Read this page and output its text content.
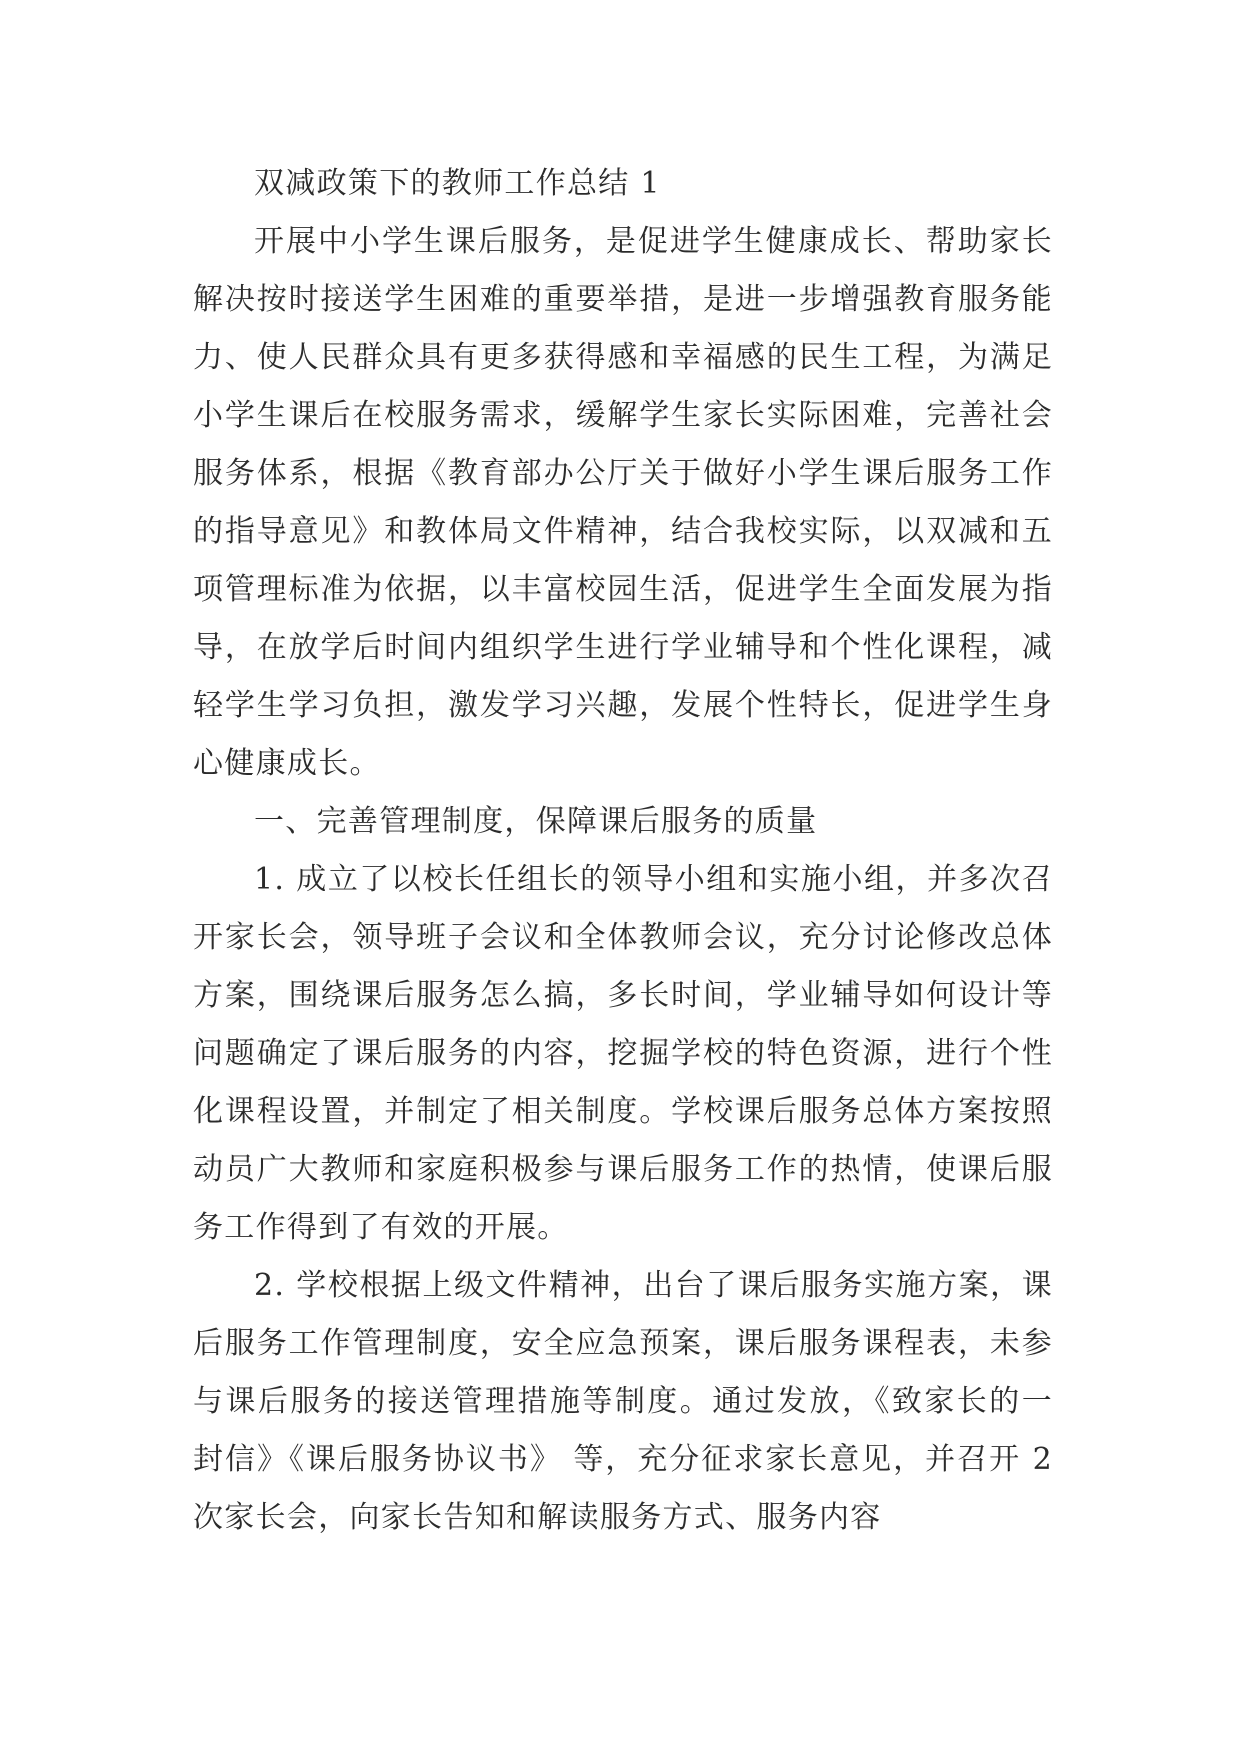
双减政策下的教师工作总结 1

开展中小学生课后服务，是促进学生健康成长、帮助家长解决按时接送学生困难的重要举措，是进一步增强教育服务能力、使人民群众具有更多获得感和幸福感的民生工程，为满足小学生课后在校服务需求，缓解学生家长实际困难，完善社会服务体系，根据《教育部办公厅关于做好小学生课后服务工作的指导意见》和教体局文件精神，结合我校实际，以双减和五项管理标准为依据，以丰富校园生活，促进学生全面发展为指导，在放学后时间内组织学生进行学业辅导和个性化课程，减轻学生学习负担，激发学习兴趣，发展个性特长，促进学生身心健康成长。

一、完善管理制度，保障课后服务的质量

1. 成立了以校长任组长的领导小组和实施小组，并多次召开家长会，领导班子会议和全体教师会议，充分讨论修改总体方案，围绕课后服务怎么搞，多长时间，学业辅导如何设计等问题确定了课后服务的内容，挖掘学校的特色资源，进行个性化课程设置，并制定了相关制度。学校课后服务总体方案按照动员广大教师和家庭积极参与课后服务工作的热情，使课后服务工作得到了有效的开展。

2. 学校根据上级文件精神，出台了课后服务实施方案，课后服务工作管理制度，安全应急预案，课后服务课程表，未参与课后服务的接送管理措施等制度。通过发放，《致家长的一封信》《课后服务协议书》 等，充分征求家长意见，并召开 2 次家长会，向家长告知和解读服务方式、服务内容
